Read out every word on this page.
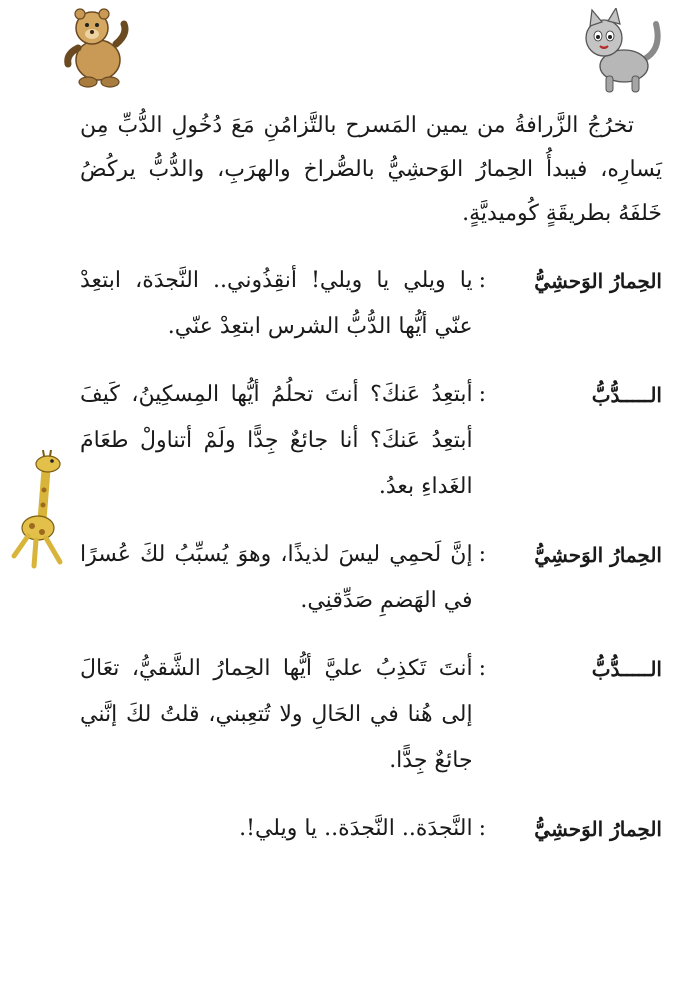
تخرُجُ الزَّرافةُ من يمين المَسرح بالتَّزامُنِ مَعَ دُخُولِ الدُّبِّ مِن يَسارِه، فيبدأُ الحِمارُ الوَحشِيُّ بالصُّراخ والهرَبِ، والدُّبُّ يركُضُ خَلفَهُ بطريقَةٍ كُوميديَّةٍ.

الحِمارُ الوَحشِيُّ
:
يا ويلي يا ويلي! أنقِذُوني.. النَّجدَة، ابتعِدْ عنّي أيُّها الدُّبُّ الشرس ابتعِدْ عنّي.
الـــــدُّبُّ
:
أبتعِدُ عَنكَ؟ أنتَ تحلُمُ أيُّها المِسكِينُ، كَيفَ أبتعِدُ عَنكَ؟ أنا جائعٌ جِدًّا ولَمْ أتناولْ طعَامَ الغَداءِ بعدُ.
الحِمارُ الوَحشِيُّ
:
إنَّ لَحمِي ليسَ لذيذًا، وهوَ يُسبِّبُ لكَ عُسرًا في الهَضمِ صَدِّقنِي.
الـــــدُّبُّ
:
أنتَ تَكذِبُ عليَّ أيُّها الحِمارُ الشَّقيُّ، تعَالَ إلى هُنا في الحَالِ ولا تُتعِبني، قلتُ لكَ إنَّني جائعٌ جِدًّا.
الحِمارُ الوَحشِيُّ
:
النَّجدَة.. النَّجدَة.. يا ويلي!.
